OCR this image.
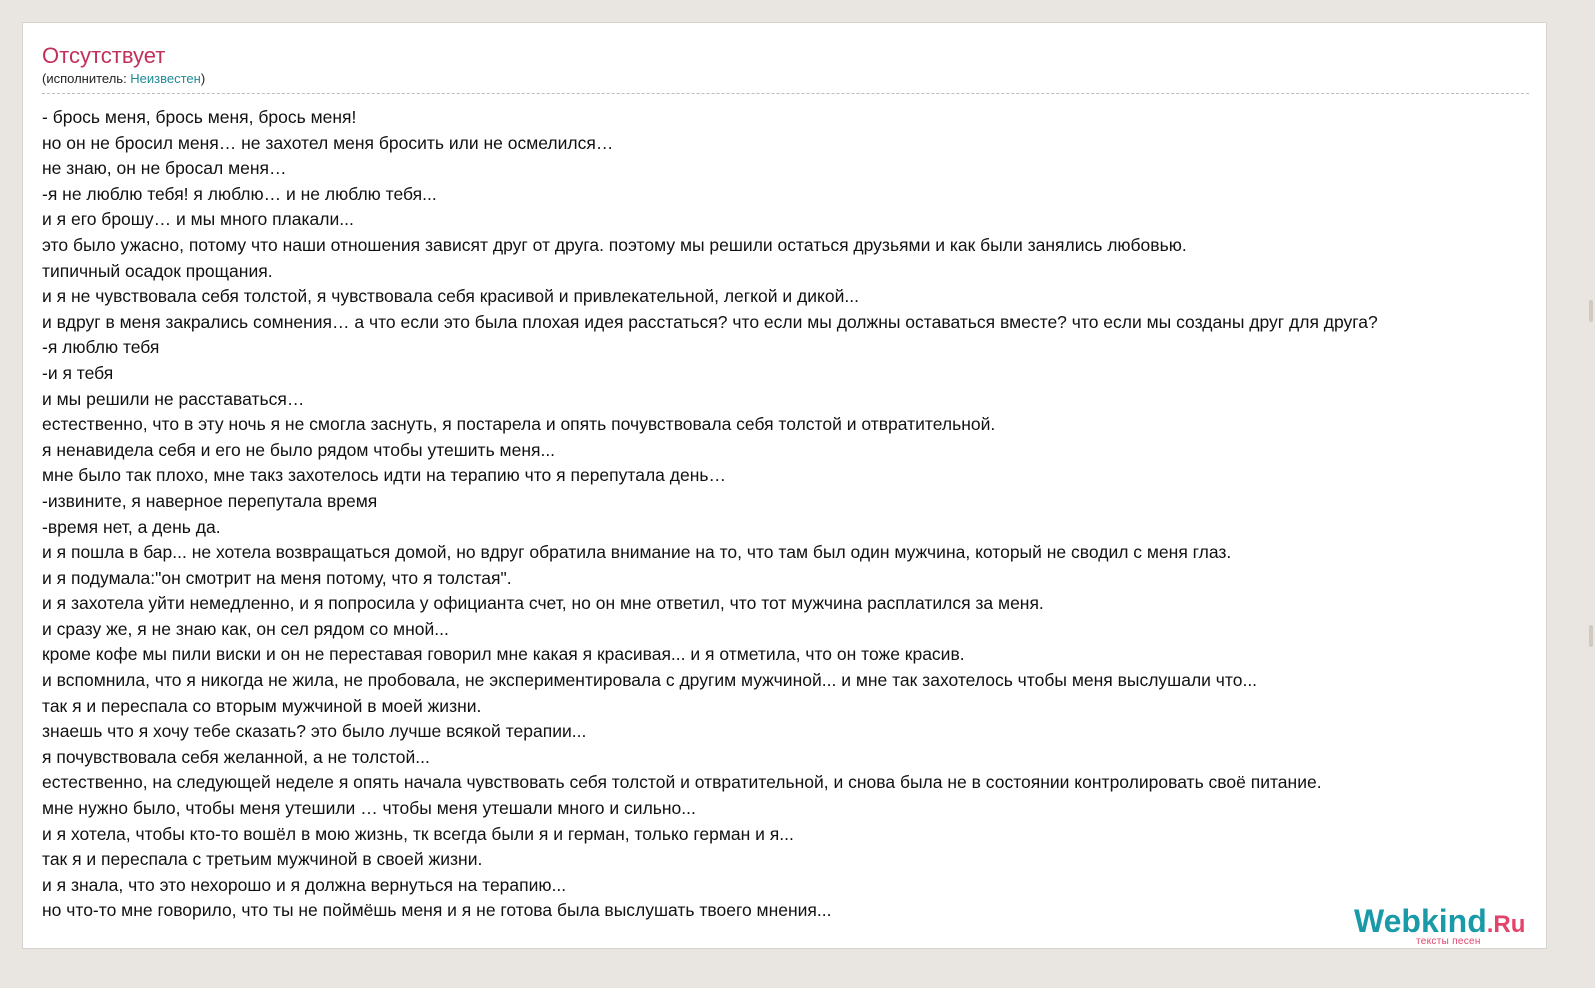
Отсутствует
(исполнитель: Неизвестен)
- брось меня, брось меня, брось меня!
но он не бросил меня… не захотел меня бросить или не осмелился…
не знаю, он не бросал меня…
-я не люблю тебя! я люблю… и не люблю тебя...
и я его брошу… и мы много плакали...
это было ужасно, потому что наши отношения зависят друг от друга. поэтому мы решили остаться друзьями и как были занялись любовью.
типичный осадок прощания.
и я не чувствовала себя толстой, я чувствовала себя красивой и привлекательной, легкой и дикой...
и вдруг в меня закрались сомнения… а что если это была плохая идея расстаться? что если мы должны оставаться вместе? что если мы созданы друг для друга?
-я люблю тебя
-и я тебя
и мы решили не расставаться…
естественно, что в эту ночь я не смогла заснуть, я постарела и опять почувствовала себя толстой и отвратительной.
я ненавидела себя и его не было рядом чтобы утешить меня...
мне было так плохо, мне такз захотелось идти на терапию что я перепутала день…
-извините, я наверное перепутала время
-время нет, а день да.
и я пошла в бар... не хотела возвращаться домой, но вдруг обратила внимание на то, что там был один мужчина, который не сводил с меня глаз.
и я подумала:"он смотрит на меня потому, что я толстая".
и я захотела уйти немедленно, и я попросила у официанта счет, но он мне ответил, что тот мужчина расплатился за меня.
и сразу же, я не знаю как, он сел рядом со мной...
кроме кофе мы пили виски и он не переставая говорил мне какая я красивая... и я отметила, что он тоже красив.
и вспомнила, что я никогда не жила, не пробовала, не экспериментировала с другим мужчиной... и мне так захотелось чтобы меня выслушали что...
так я и переспала со вторым мужчиной в моей жизни.
знаешь что я хочу тебе сказать? это было лучше всякой терапии...
я почувствовала себя желанной, а не толстой...
естественно, на следующей неделе я опять начала чувствовать себя толстой и отвратительной, и снова была не в состоянии контролировать своё питание.
мне нужно было, чтобы меня утешили … чтобы меня утешали много и сильно...
и я хотела, чтобы кто-то вошёл в мою жизнь, тк всегда были я и герман, только герман и я...
так я и переспала с третьим мужчиной в своей жизни.
и я знала, что это нехорошо и я должна вернуться на терапию...
но что-то мне говорило, что ты не поймёшь меня и я не готова была выслушать твоего мнения...	Webkind.Ru
тексты песен
